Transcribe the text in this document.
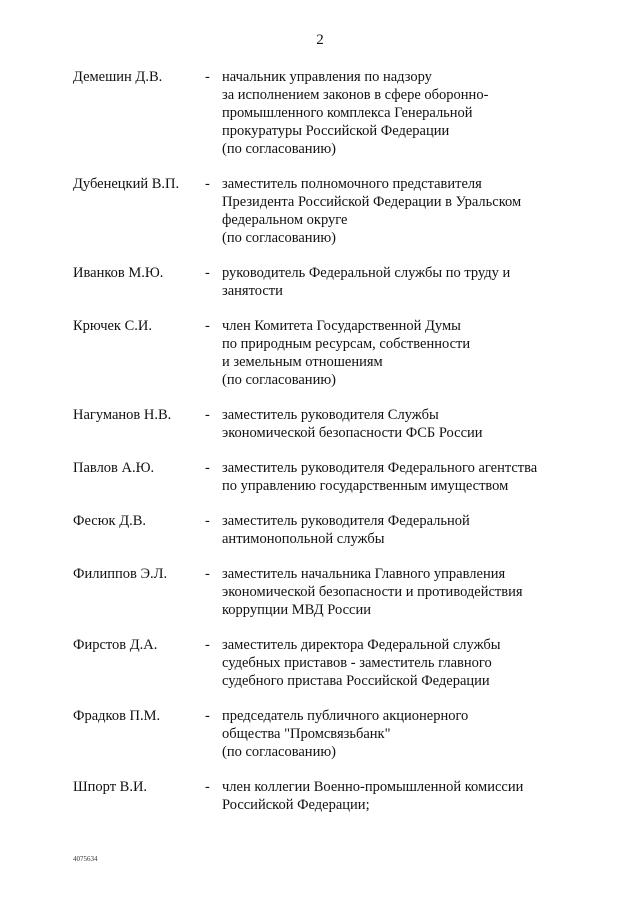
2
Демешин Д.В.	- начальник управления по надзору
за исполнением законов в сфере оборонно-
промышленного комплекса Генеральной
прокуратуры Российской Федерации
(по согласованию)
Дубенецкий В.П. - заместитель полномочного представителя
Президента Российской Федерации в Уральском
федеральном округе
(по согласованию)
Иванков М.Ю.	- руководитель Федеральной службы по труду и
занятости
Крючек С.И.	- член Комитета Государственной Думы
по природным ресурсам, собственности
и земельным отношениям
(по согласованию)
Нагуманов Н.В. - заместитель руководителя Службы
экономической безопасности ФСБ России
Павлов А.Ю.	- заместитель руководителя Федерального агентства
по управлению государственным имуществом
Фесюк Д.В.	- заместитель руководителя Федеральной
антимонопольной службы
Филиппов Э.Л.	- заместитель начальника Главного управления
экономической безопасности и противодействия
коррупции МВД России
Фирстов Д.А.	- заместитель директора Федеральной службы
судебных приставов - заместитель главного
судебного пристава Российской Федерации
Фрадков П.М.	- председатель публичного акционерного
общества "Промсвязьбанк"
(по согласованию)
Шпорт В.И.	- член коллегии Военно-промышленной комиссии
Российской Федерации;
4075634
